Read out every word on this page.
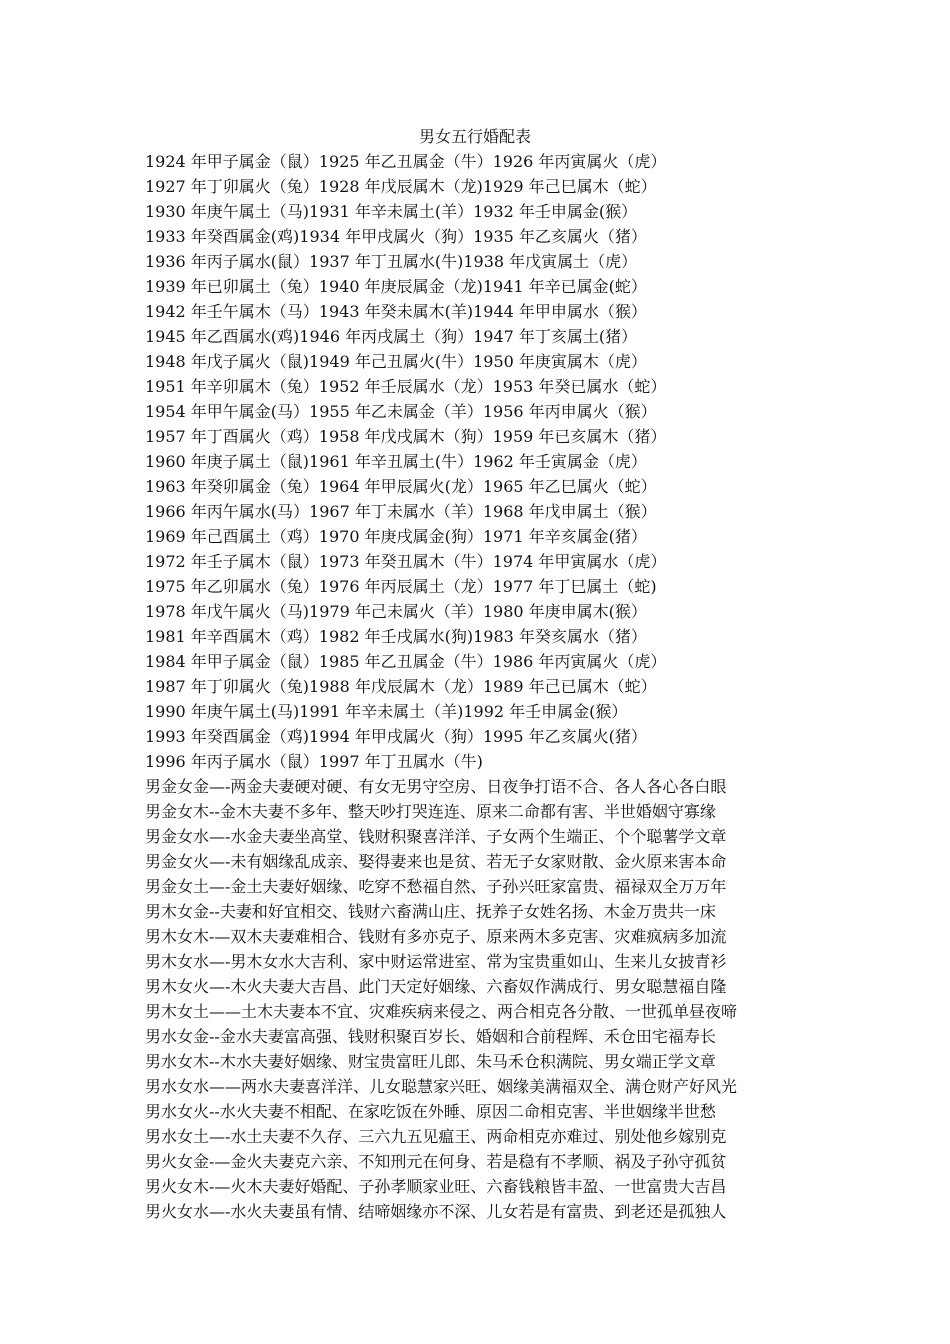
男女五行婚配表
1924 年甲子属金（鼠）1925 年乙丑属金（牛）1926 年丙寅属火（虎）
1927 年丁卯属火（兔）1928 年戊辰属木（龙)1929 年己巳属木（蛇）
1930 年庚午属土（马)1931 年辛未属土(羊）1932 年壬申属金(猴）
1933 年癸酉属金(鸡)1934 年甲戌属火（狗）1935 年乙亥属火（猪）
1936 年丙子属水(鼠）1937 年丁丑属水(牛)1938 年戊寅属土（虎）
1939 年已卯属土（兔）1940 年庚辰属金（龙)1941 年辛已属金(蛇）
1942 年壬午属木（马）1943 年癸未属木(羊)1944 年甲申属水（猴）
1945 年乙酉属水(鸡)1946 年丙戌属土（狗）1947 年丁亥属土(猪）
1948 年戊子属火（鼠)1949 年己丑属火(牛）1950 年庚寅属木（虎）
1951 年辛卯属木（兔）1952 年壬辰属水（龙）1953 年癸已属水（蛇）
1954 年甲午属金(马）1955 年乙未属金（羊）1956 年丙申属火（猴）
1957 年丁酉属火（鸡）1958 年戊戌属木（狗）1959 年已亥属木（猪）
1960 年庚子属土（鼠)1961 年辛丑属土(牛）1962 年壬寅属金（虎）
1963 年癸卯属金（兔）1964 年甲辰属火(龙）1965 年乙巳属火（蛇）
1966 年丙午属水(马）1967 年丁未属水（羊）1968 年戊申属土（猴）
1969 年己酉属土（鸡）1970 年庚戌属金(狗）1971 年辛亥属金(猪）
1972 年壬子属木（鼠）1973 年癸丑属木（牛）1974 年甲寅属水（虎）
1975 年乙卯属水（兔）1976 年丙辰属土（龙）1977 年丁巳属土（蛇)
1978 年戊午属火（马)1979 年己未属火（羊）1980 年庚申属木(猴）
1981 年辛酉属木（鸡）1982 年壬戌属水(狗)1983 年癸亥属水（猪）
1984 年甲子属金（鼠）1985 年乙丑属金（牛）1986 年丙寅属火（虎）
1987 年丁卯属火（兔)1988 年戊辰属木（龙）1989 年己已属木（蛇）
1990 年庚午属土(马)1991 年辛未属土（羊)1992 年壬申属金(猴）
1993 年癸酉属金（鸡)1994 年甲戌属火（狗）1995 年乙亥属火(猪）
1996 年丙子属水（鼠）1997 年丁丑属水（牛)
男金女金—-两金夫妻硬对硬、有女无男守空房、日夜争打语不合、各人各心各白眼
男金女木--金木夫妻不多年、整天吵打哭连连、原来二命都有害、半世婚姻守寡缘
男金女水—-水金夫妻坐高堂、钱财积聚喜洋洋、子女两个生端正、个个聪薯学文章
男金女火—-未有姻缘乱成亲、娶得妻来也是贫、若无子女家财散、金火原来害本命
男金女土—-金土夫妻好姻缘、吃穿不愁福自然、子孙兴旺家富贵、福禄双全万万年
男木女金--夫妻和好宜相交、钱财六畜满山庄、抚养子女姓名扬、木金万贵共一床
男木女木-—双木夫妻难相合、钱财有多亦克子、原来两木多克害、灾难疯病多加流
男木女水—-男木女水大吉利、家中财运常进室、常为宝贵重如山、生来儿女披青衫
男木女火—-木火夫妻大吉昌、此门天定好姻缘、六畜奴作满成行、男女聪慧福自隆
男木女土——土木夫妻本不宜、灾难疾病来侵之、两合相克各分散、一世孤单昼夜啼
男水女金--金水夫妻富高强、钱财积聚百岁长、婚姻和合前程辉、禾仓田宅福寿长
男水女木--木水夫妻好姻缘、财宝贵富旺儿郎、朱马禾仓积满院、男女端正学文章
男水女水——两水夫妻喜洋洋、儿女聪慧家兴旺、姻缘美满福双全、满仓财产好风光
男水女火--水火夫妻不相配、在家吃饭在外睡、原因二命相克害、半世姻缘半世愁
男水女土—-水土夫妻不久存、三六九五见瘟王、两命相克亦难过、别处他乡嫁别克
男火女金-—金火夫妻克六亲、不知刑元在何身、若是稳有不孝顺、祸及子孙守孤贫
男火女木-—火木夫妻好婚配、子孙孝顺家业旺、六畜钱粮皆丰盈、一世富贵大吉昌
男火女水—-水火夫妻虽有情、结啼姻缘亦不深、儿女若是有富贵、到老还是孤独人
